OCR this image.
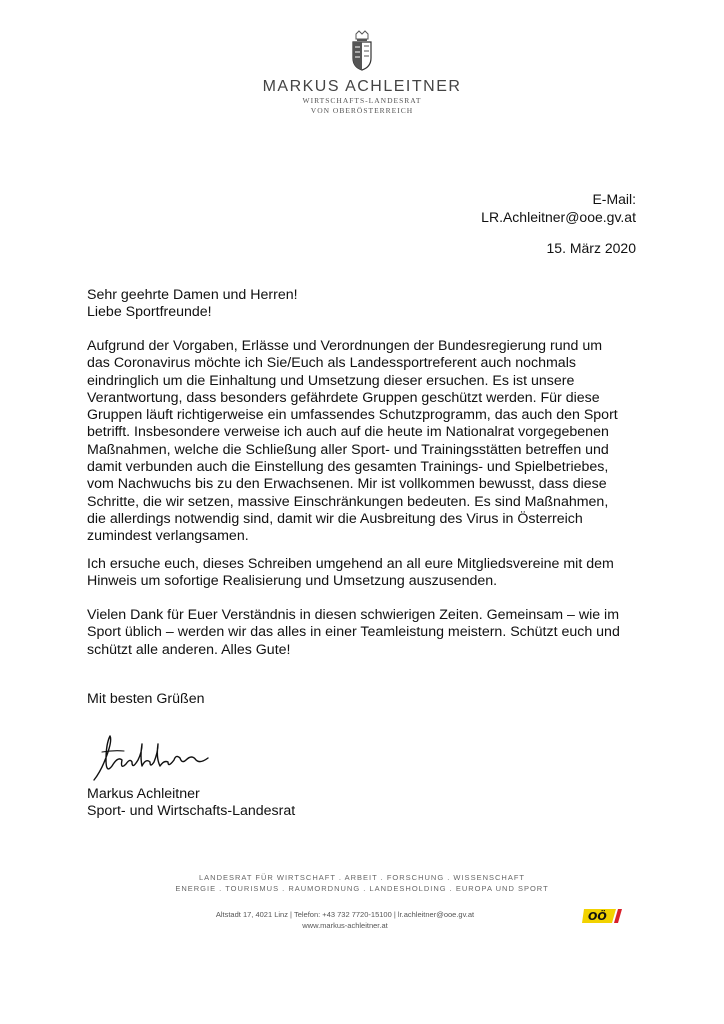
MARKUS ACHLEITNER
WIRTSCHAFTS-LANDESRAT
VON OBERÖSTERREICH
E-Mail:
LR.Achleitner@ooe.gv.at
15. März 2020
Sehr geehrte Damen und Herren!
Liebe Sportfreunde!
Aufgrund der Vorgaben, Erlässe und Verordnungen der Bundesregierung rund um
das Coronavirus möchte ich Sie/Euch als Landessportreferent auch nochmals
eindringlich um die Einhaltung und Umsetzung dieser ersuchen. Es ist unsere
Verantwortung, dass besonders gefährdete Gruppen geschützt werden. Für diese
Gruppen läuft richtigerweise ein umfassendes Schutzprogramm, das auch den Sport
betrifft. Insbesondere verweise ich auch auf die heute im Nationalrat vorgegebenen
Maßnahmen, welche die Schließung aller Sport- und Trainingsstätten betreffen und
damit verbunden auch die Einstellung des gesamten Trainings- und Spielbetriebes,
vom Nachwuchs bis zu den Erwachsenen. Mir ist vollkommen bewusst, dass diese
Schritte, die wir setzen, massive Einschränkungen bedeuten. Es sind Maßnahmen,
die allerdings notwendig sind, damit wir die Ausbreitung des Virus in Österreich
zumindest verlangsamen.
Ich ersuche euch, dieses Schreiben umgehend an all eure Mitgliedsvereine mit dem
Hinweis um sofortige Realisierung und Umsetzung auszusenden.
Vielen Dank für Euer Verständnis in diesen schwierigen Zeiten. Gemeinsam – wie im
Sport üblich – werden wir das alles in einer Teamleistung meistern. Schützt euch und
schützt alle anderen. Alles Gute!
Mit besten Grüßen
Markus Achleitner
Sport- und Wirtschafts-Landesrat
LANDESRAT FÜR WIRTSCHAFT . ARBEIT . FORSCHUNG . WISSENSCHAFT
ENERGIE . TOURISMUS . RAUMORDNUNG . LANDESHOLDING . EUROPA UND SPORT
Altstadt 17, 4021 Linz | Telefon: +43 732 7720-15100 | lr.achleitner@ooe.gv.at
www.markus-achleitner.at
OÖ
